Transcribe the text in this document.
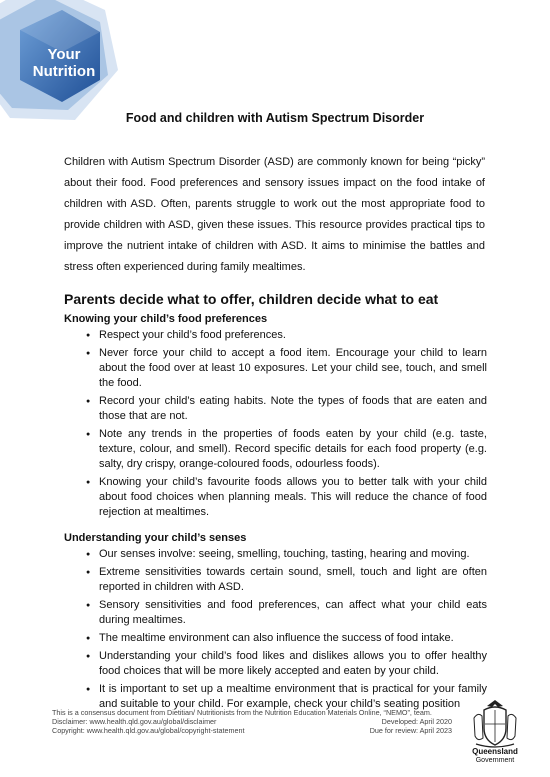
Your Nutrition
Food and children with Autism Spectrum Disorder
Children with Autism Spectrum Disorder (ASD) are commonly known for being “picky” about their food. Food preferences and sensory issues impact on the food intake of children with ASD. Often, parents struggle to work out the most appropriate food to provide children with ASD, given these issues. This resource provides practical tips to improve the nutrient intake of children with ASD. It aims to minimise the battles and stress often experienced during family mealtimes.
Parents decide what to offer, children decide what to eat
Knowing your child’s food preferences
● Respect your child’s food preferences.
● Never force your child to accept a food item. Encourage your child to learn about the food over at least 10 exposures. Let your child see, touch, and smell the food.
● Record your child’s eating habits. Note the types of foods that are eaten and those that are not.
● Note any trends in the properties of foods eaten by your child (e.g. taste, texture, colour, and smell). Record specific details for each food property (e.g. salty, dry crispy, orange-coloured foods, odourless foods).
● Knowing your child’s favourite foods allows you to better talk with your child about food choices when planning meals. This will reduce the chance of food rejection at mealtimes.
Understanding your child’s senses
● Our senses involve: seeing, smelling, touching, tasting, hearing and moving.
● Extreme sensitivities towards certain sound, smell, touch and light are often reported in children with ASD.
● Sensory sensitivities and food preferences, can affect what your child eats during mealtimes.
● The mealtime environment can also influence the success of food intake.
● Understanding your child’s food likes and dislikes allows you to offer healthy food choices that will be more likely accepted and eaten by your child.
● It is important to set up a mealtime environment that is practical for your family and suitable to your child. For example, check your child’s seating position
This is a consensus document from Dietitian/ Nutritionists from the Nutrition Education Materials Online, “NEMO”, team.
Disclaimer: www.health.qld.gov.au/global/disclaimer	Developed: April 2020
Copyright: www.health.qld.gov.au/global/copyright-statement	Due for review: April 2023
Queensland
Government
